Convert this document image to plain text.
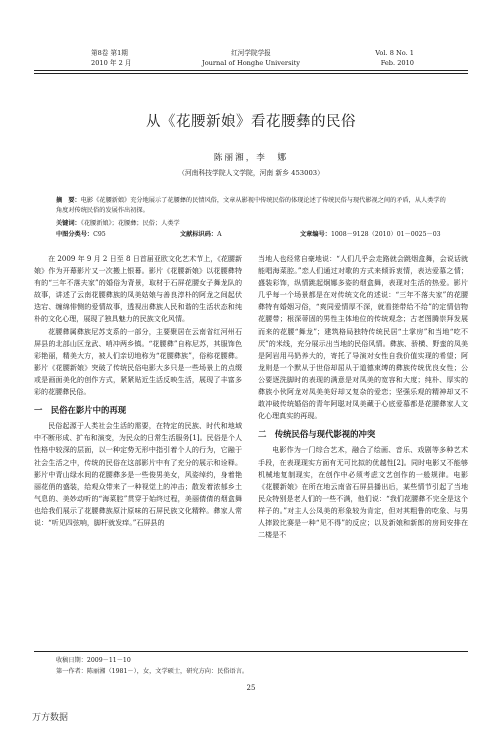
第8卷 第1期
2010 年 2 月
红河学院学报
Journal of Honghe University
Vol. 8 No. 1
Feb. 2010
从《花腰新娘》看花腰彝的民俗
陈丽湘，李　娜
（河南科技学院人文学院，河南 新乡 453003）
摘　要：电影《花腰新娘》充分地展示了花腰彝的民情风俗，文章从影视中传统民俗的体现论述了传统民俗与现代影视之间的矛盾，从人类学的角度对传统民俗的发展作出初探。
关键词：《花腰新娘》；花腰彝；民俗；人类学
中图分类号：C95	文献标识码：A	文章编号：1008－9128（2010）01－0025－03

在 2009 年 9 月 2 日至 8 日首届亚欧文化艺术节上，《花腰新娘》作为开幕影片又一次搬上银幕。影片《花腰新娘》以花腰彝特有的“三年不落夫家”的婚俗为背景，取材于石屏花腰女子舞龙队的故事，讲述了云南花腰彝族的凤美姑娘与善良淳朴的阿龙之间起伏迭宕、缠绵悱恻的爱情故事，透视出彝族人民和谐的生活状态和纯朴的文化心理，展现了独具魅力的民族文化风情。

花腰彝属彝族尼苏支系的一部分，主要聚居在云南省红河州石屏县的北部山区龙武、哨冲两乡镇。“花腰彝”自称尼苏，其服饰色彩艳丽，精美大方，被人们亲切地称为“花腰彝族”，俗称花腰彝。影片《花腰新娘》突破了传统民俗电影大多只是一些场景上的点缀或是画面美化的创作方式，紧紧贴近生活反映生活，展现了丰富多彩的花腰彝民俗。

一　民俗在影片中的再现

民俗起源于人类社会生活的需要，在特定的民族、时代和地域中不断形成、扩布和演变，为民众的日常生活服务[1]。民俗是个人性格中较深的层面，以一种定势无形中指引着个人的行为，它融于社会生活之中，传统的民俗在这部影片中有了充分的展示和诠释。影片中青山绿水间的花腰彝多是一些俊男美女，风姿绰约，身着艳丽花俏的盛装，给观众带来了一种视觉上的冲击；散发着浓郁乡土气息的、美妙动听的“海菜腔”贯穿于始终过程，美丽倩倩的烟盒舞也给我们展示了花腰彝族原汁原味的石屏民族文化精粹。彝家人常说：“听见四弦响，脚杆就发痒。”石屏县的

当地人也经常自豪地说：“人们几乎会走路就会跳烟盒舞，会说话就能唱海菜腔。”恋人们通过对歌的方式来倾诉衷情，表达爱慕之情；盛装彩饰，纵情跳起炯娜多姿的烟盒舞，表现对生活的热爱。影片几乎每一个场景都是在对传统文化的述说：“三年不落夫家”的花腰彝特有婚姻习俗，“爽同爱情厚不深，就看搓带给不给”的定情信物花腰带；根深蒂固的男性主体地位的传统观念；古老图腾崇拜发展而来的花腰“舞龙”；建筑格局独特传统民居“土掌房”和当地“吃不厌”的米线，充分展示出当地的民俗风情。彝族、骄横、野蛮的凤美是阿岩用马奶养大的，寄托了导演对女性自我价值实现的希望；阿龙则是一个默从于世俗却屈从于道德束缚的彝族传统优良女性；公公要逐洗脚时的表现的满意是对凤美的宽容和大度；纯朴、厚实的彝族小伙阿龙对凤美美好却又复杂的爱恋；坚强乐观的精神却又不敢冲破传统婚俗的青年阿聪对凤美藏于心底爱慕都是花腰彝家人文化心理真实的再现。

二　传统民俗与现代影视的冲突

电影作为一门综合艺术，融合了绘画、音乐、戏剧等多种艺术手段，在表现现实方面有无可比拟的优越性[2]。同时电影又不能够机械地复制现实，在创作中必须考虑文艺创作的一般规律。电影《花腰新娘》在所在地云南省石屏县播出后，某些情节引起了当地民众特别是老人们的一些不满，他们说：“我们花腰彝不完全是这个样子的。”对主人公凤美的形象较为肯定，但对其粗鲁的吃象、与男人摔跤比赛是一种“见不得”的反应；以及新娘和新郎的房间安排在二楼是不

收稿日期：2009－11－10
第一作者：陈丽湘（1981－），女，文学硕士，研究方向：民俗语言。
25
万方数据
